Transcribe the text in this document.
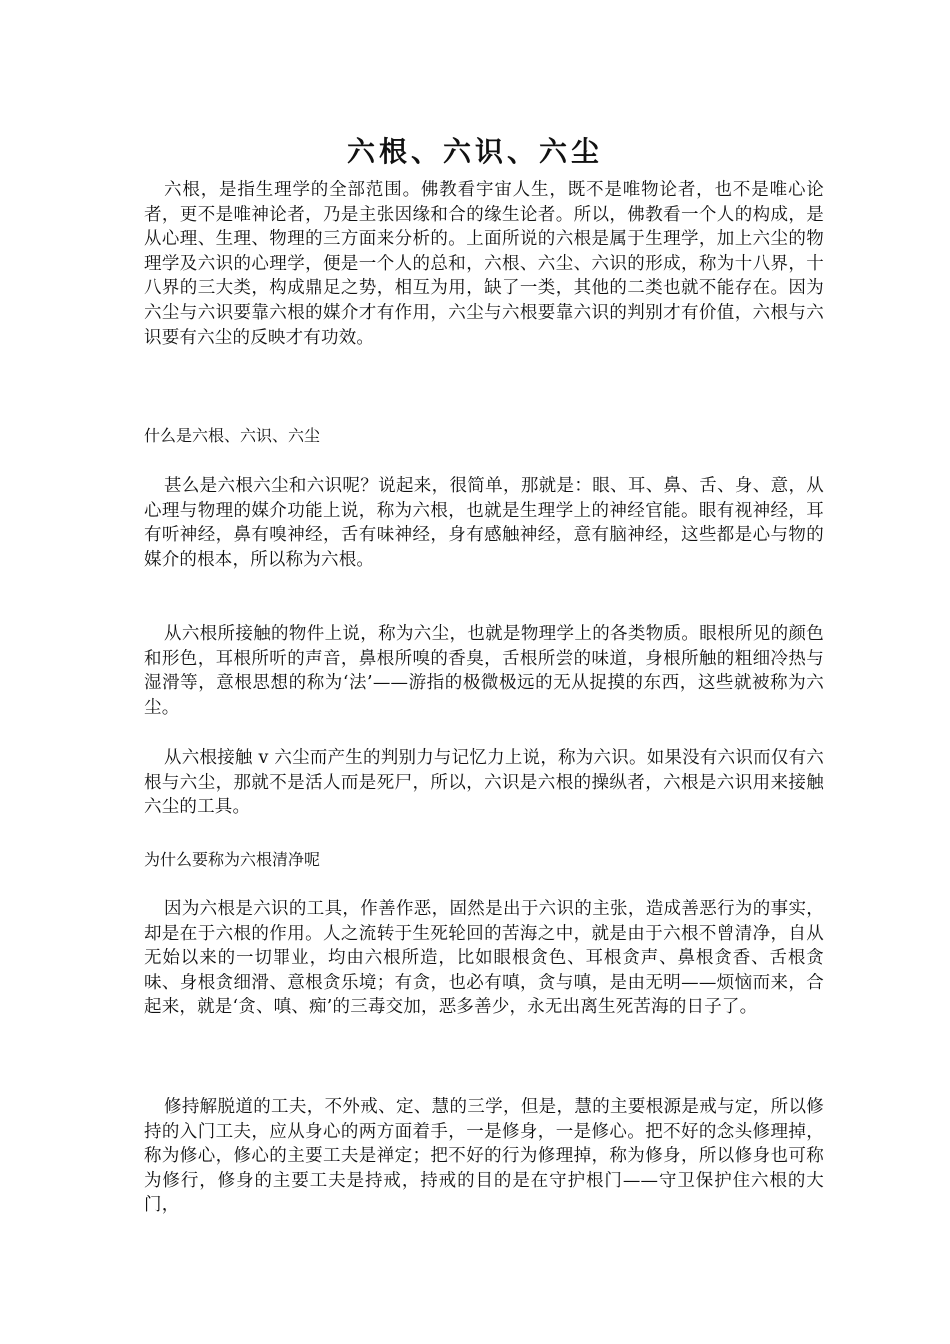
六根、六识、六尘

六根，是指生理学的全部范围。佛教看宇宙人生，既不是唯物论者，也不是唯心论者，更不是唯神论者，乃是主张因缘和合的缘生论者。所以，佛教看一个人的构成，是从心理、生理、物理的三方面来分析的。上面所说的六根是属于生理学，加上六尘的物理学及六识的心理学，便是一个人的总和，六根、六尘、六识的形成，称为十八界，十八界的三大类，构成鼎足之势，相互为用，缺了一类，其他的二类也就不能存在。因为六尘与六识要靠六根的媒介才有作用，六尘与六根要靠六识的判别才有价值，六根与六识要有六尘的反映才有功效。

什么是六根、六识、六尘

甚么是六根六尘和六识呢？说起来，很简单，那就是：眼、耳、鼻、舌、身、意，从心理与物理的媒介功能上说，称为六根，也就是生理学上的神经官能。眼有视神经，耳有听神经，鼻有嗅神经，舌有味神经，身有感触神经，意有脑神经，这些都是心与物的媒介的根本，所以称为六根。

从六根所接触的物件上说，称为六尘，也就是物理学上的各类物质。眼根所见的颜色和形色，耳根所听的声音，鼻根所嗅的香臭，舌根所尝的味道，身根所触的粗细冷热与湿滑等，意根思想的称为‘法’——游指的极微极远的无从捉摸的东西，这些就被称为六尘。

从六根接触 v 六尘而产生的判别力与记忆力上说，称为六识。如果没有六识而仅有六根与六尘，那就不是活人而是死尸，所以，六识是六根的操纵者，六根是六识用来接触六尘的工具。

为什么要称为六根清净呢

因为六根是六识的工具，作善作恶，固然是出于六识的主张，造成善恶行为的事实，却是在于六根的作用。人之流转于生死轮回的苦海之中，就是由于六根不曾清净，自从无始以来的一切罪业，均由六根所造，比如眼根贪色、耳根贪声、鼻根贪香、舌根贪味、身根贪细滑、意根贪乐境；有贪，也必有嗔，贪与嗔，是由无明——烦恼而来，合起来，就是‘贪、嗔、痴’的三毒交加，恶多善少，永无出离生死苦海的日子了。

修持解脱道的工夫，不外戒、定、慧的三学，但是，慧的主要根源是戒与定，所以修持的入门工夫，应从身心的两方面着手，一是修身，一是修心。把不好的念头修理掉，称为修心，修心的主要工夫是禅定；把不好的行为修理掉，称为修身，所以修身也可称为修行，修身的主要工夫是持戒，持戒的目的是在守护根门——守卫保护住六根的大门，
